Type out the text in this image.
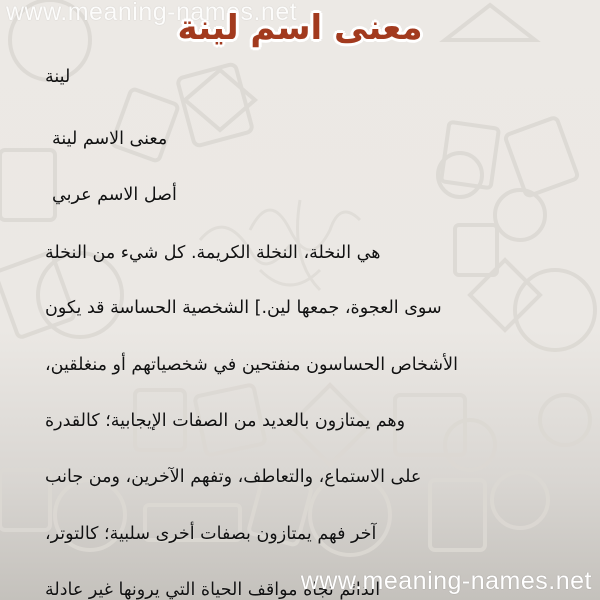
www.meaning-names.net
معنى اسم لينة
لينة
معنى الاسم لينة
أصل الاسم عربي
هي النخلة، النخلة الكريمة. كل شيء من النخلة
سوى العجوة، جمعها لين.] الشخصية الحساسة قد يكون
الأشخاص الحساسون منفتحين في شخصياتهم أو منغلقين،
وهم يمتازون بالعديد من الصفات الإيجابية؛ كالقدرة
على الاستماع، والتعاطف، وتفهم الآخرين، ومن جانب
آخر فهم يمتازون بصفات أخرى سلبية؛ كالتوتر،
الدائم تجاه مواقف الحياة التي يرونها غير عادلة
www.meaning-names.net
